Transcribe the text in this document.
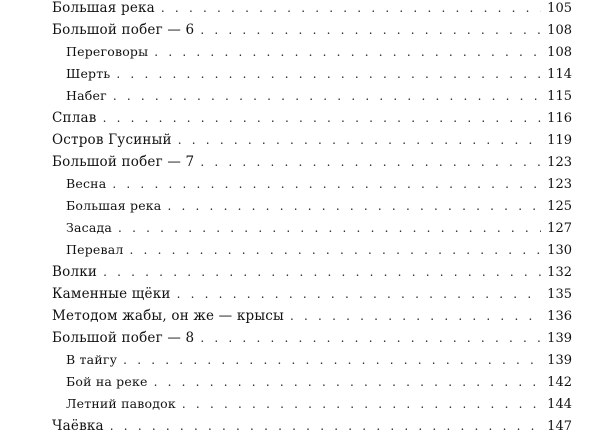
Большая река . . .	105
Большой побег — 6 . . .	108
Переговоры . . .	108
Шерть . . .	114
Набег . . .	115
Сплав . . .	116
Остров Гусиный . . .	119
Большой побег — 7 . . .	123
Весна . . .	123
Большая река . . .	125
Засада . . .	127
Перевал . . .	130
Волки . . .	132
Каменные щёки . . .	135
Методом жабы, он же — крысы . . .	136
Большой побег — 8 . . .	139
В тайгу . . .	139
Бой на реке . . .	142
Летний паводок . . .	144
Чаёвка . . .	147
